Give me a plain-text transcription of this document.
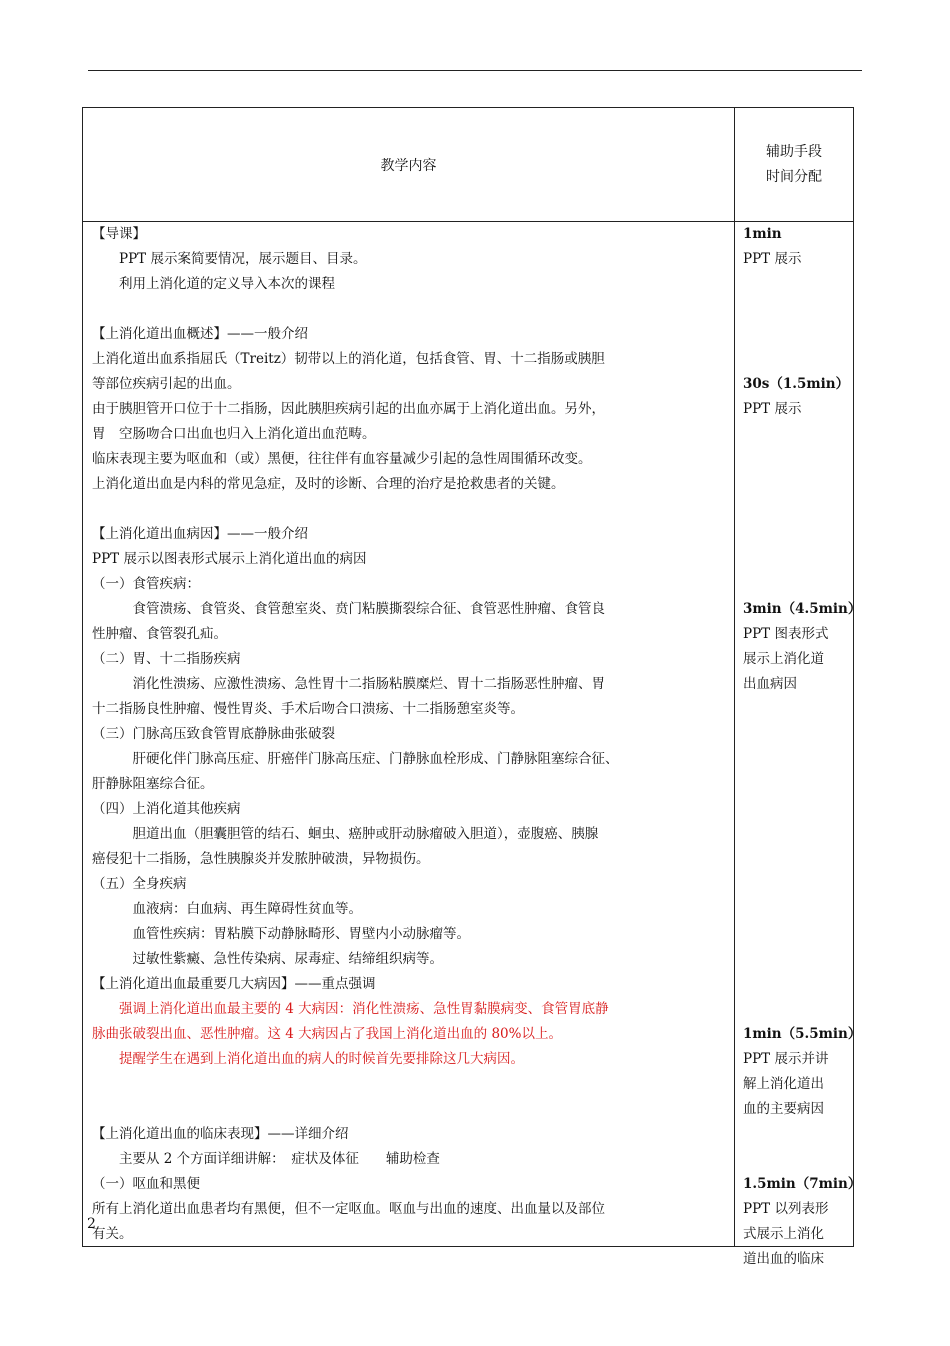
教学内容
辅助手段
时间分配
【导课】
　　PPT 展示案简要情况，展示题目、目录。
　　利用上消化道的定义导入本次的课程
【上消化道出血概述】——一般介绍
上消化道出血系指屈氏（Treitz）韧带以上的消化道，包括食管、胃、十二指肠或胰胆
等部位疾病引起的出血。
由于胰胆管开口位于十二指肠，因此胰胆疾病引起的出血亦属于上消化道出血。另外，
胃　空肠吻合口出血也归入上消化道出血范畴。
临床表现主要为呕血和（或）黑便，往往伴有血容量减少引起的急性周围循环改变。
上消化道出血是内科的常见急症，及时的诊断、合理的治疗是抢救患者的关键。
【上消化道出血病因】——一般介绍
PPT 展示以图表形式展示上消化道出血的病因
（一）食管疾病：
　　　食管溃疡、食管炎、食管憩室炎、贲门粘膜撕裂综合征、食管恶性肿瘤、食管良
性肿瘤、食管裂孔疝。
（二）胃、十二指肠疾病
　　　消化性溃疡、应激性溃疡、急性胃十二指肠粘膜糜烂、胃十二指肠恶性肿瘤、胃
十二指肠良性肿瘤、慢性胃炎、手术后吻合口溃疡、十二指肠憩室炎等。
（三）门脉高压致食管胃底静脉曲张破裂
　　　肝硬化伴门脉高压症、肝癌伴门脉高压症、门静脉血栓形成、门静脉阻塞综合征、
肝静脉阻塞综合征。
（四）上消化道其他疾病
　　　胆道出血（胆囊胆管的结石、蛔虫、癌肿或肝动脉瘤破入胆道），壶腹癌、胰腺
癌侵犯十二指肠，急性胰腺炎并发脓肿破溃，异物损伤。
（五）全身疾病
　　　血液病：白血病、再生障碍性贫血等。
　　　血管性疾病：胃粘膜下动静脉畸形、胃壁内小动脉瘤等。
　　　过敏性紫癜、急性传染病、尿毒症、结缔组织病等。
【上消化道出血最重要几大病因】——重点强调
　　强调上消化道出血最主要的 4 大病因：消化性溃疡、急性胃黏膜病变、食管胃底静
脉曲张破裂出血、恶性肿瘤。这 4 大病因占了我国上消化道出血的 80%以上。
　　提醒学生在遇到上消化道出血的病人的时候首先要排除这几大病因。
【上消化道出血的临床表现】——详细介绍
　　主要从 2 个方面详细讲解：　症状及体征　　辅助检查
（一）呕血和黑便
所有上消化道出血患者均有黑便，但不一定呕血。呕血与出血的速度、出血量以及部位
有关。
1min
PPT 展示
30s（1.5min）
PPT 展示
3min（4.5min）
PPT 图表形式
展示上消化道
出血病因
1min（5.5min）
PPT 展示并讲
解上消化道出
血的主要病因
1.5min（7min）
PPT 以列表形
式展示上消化
道出血的临床
2
